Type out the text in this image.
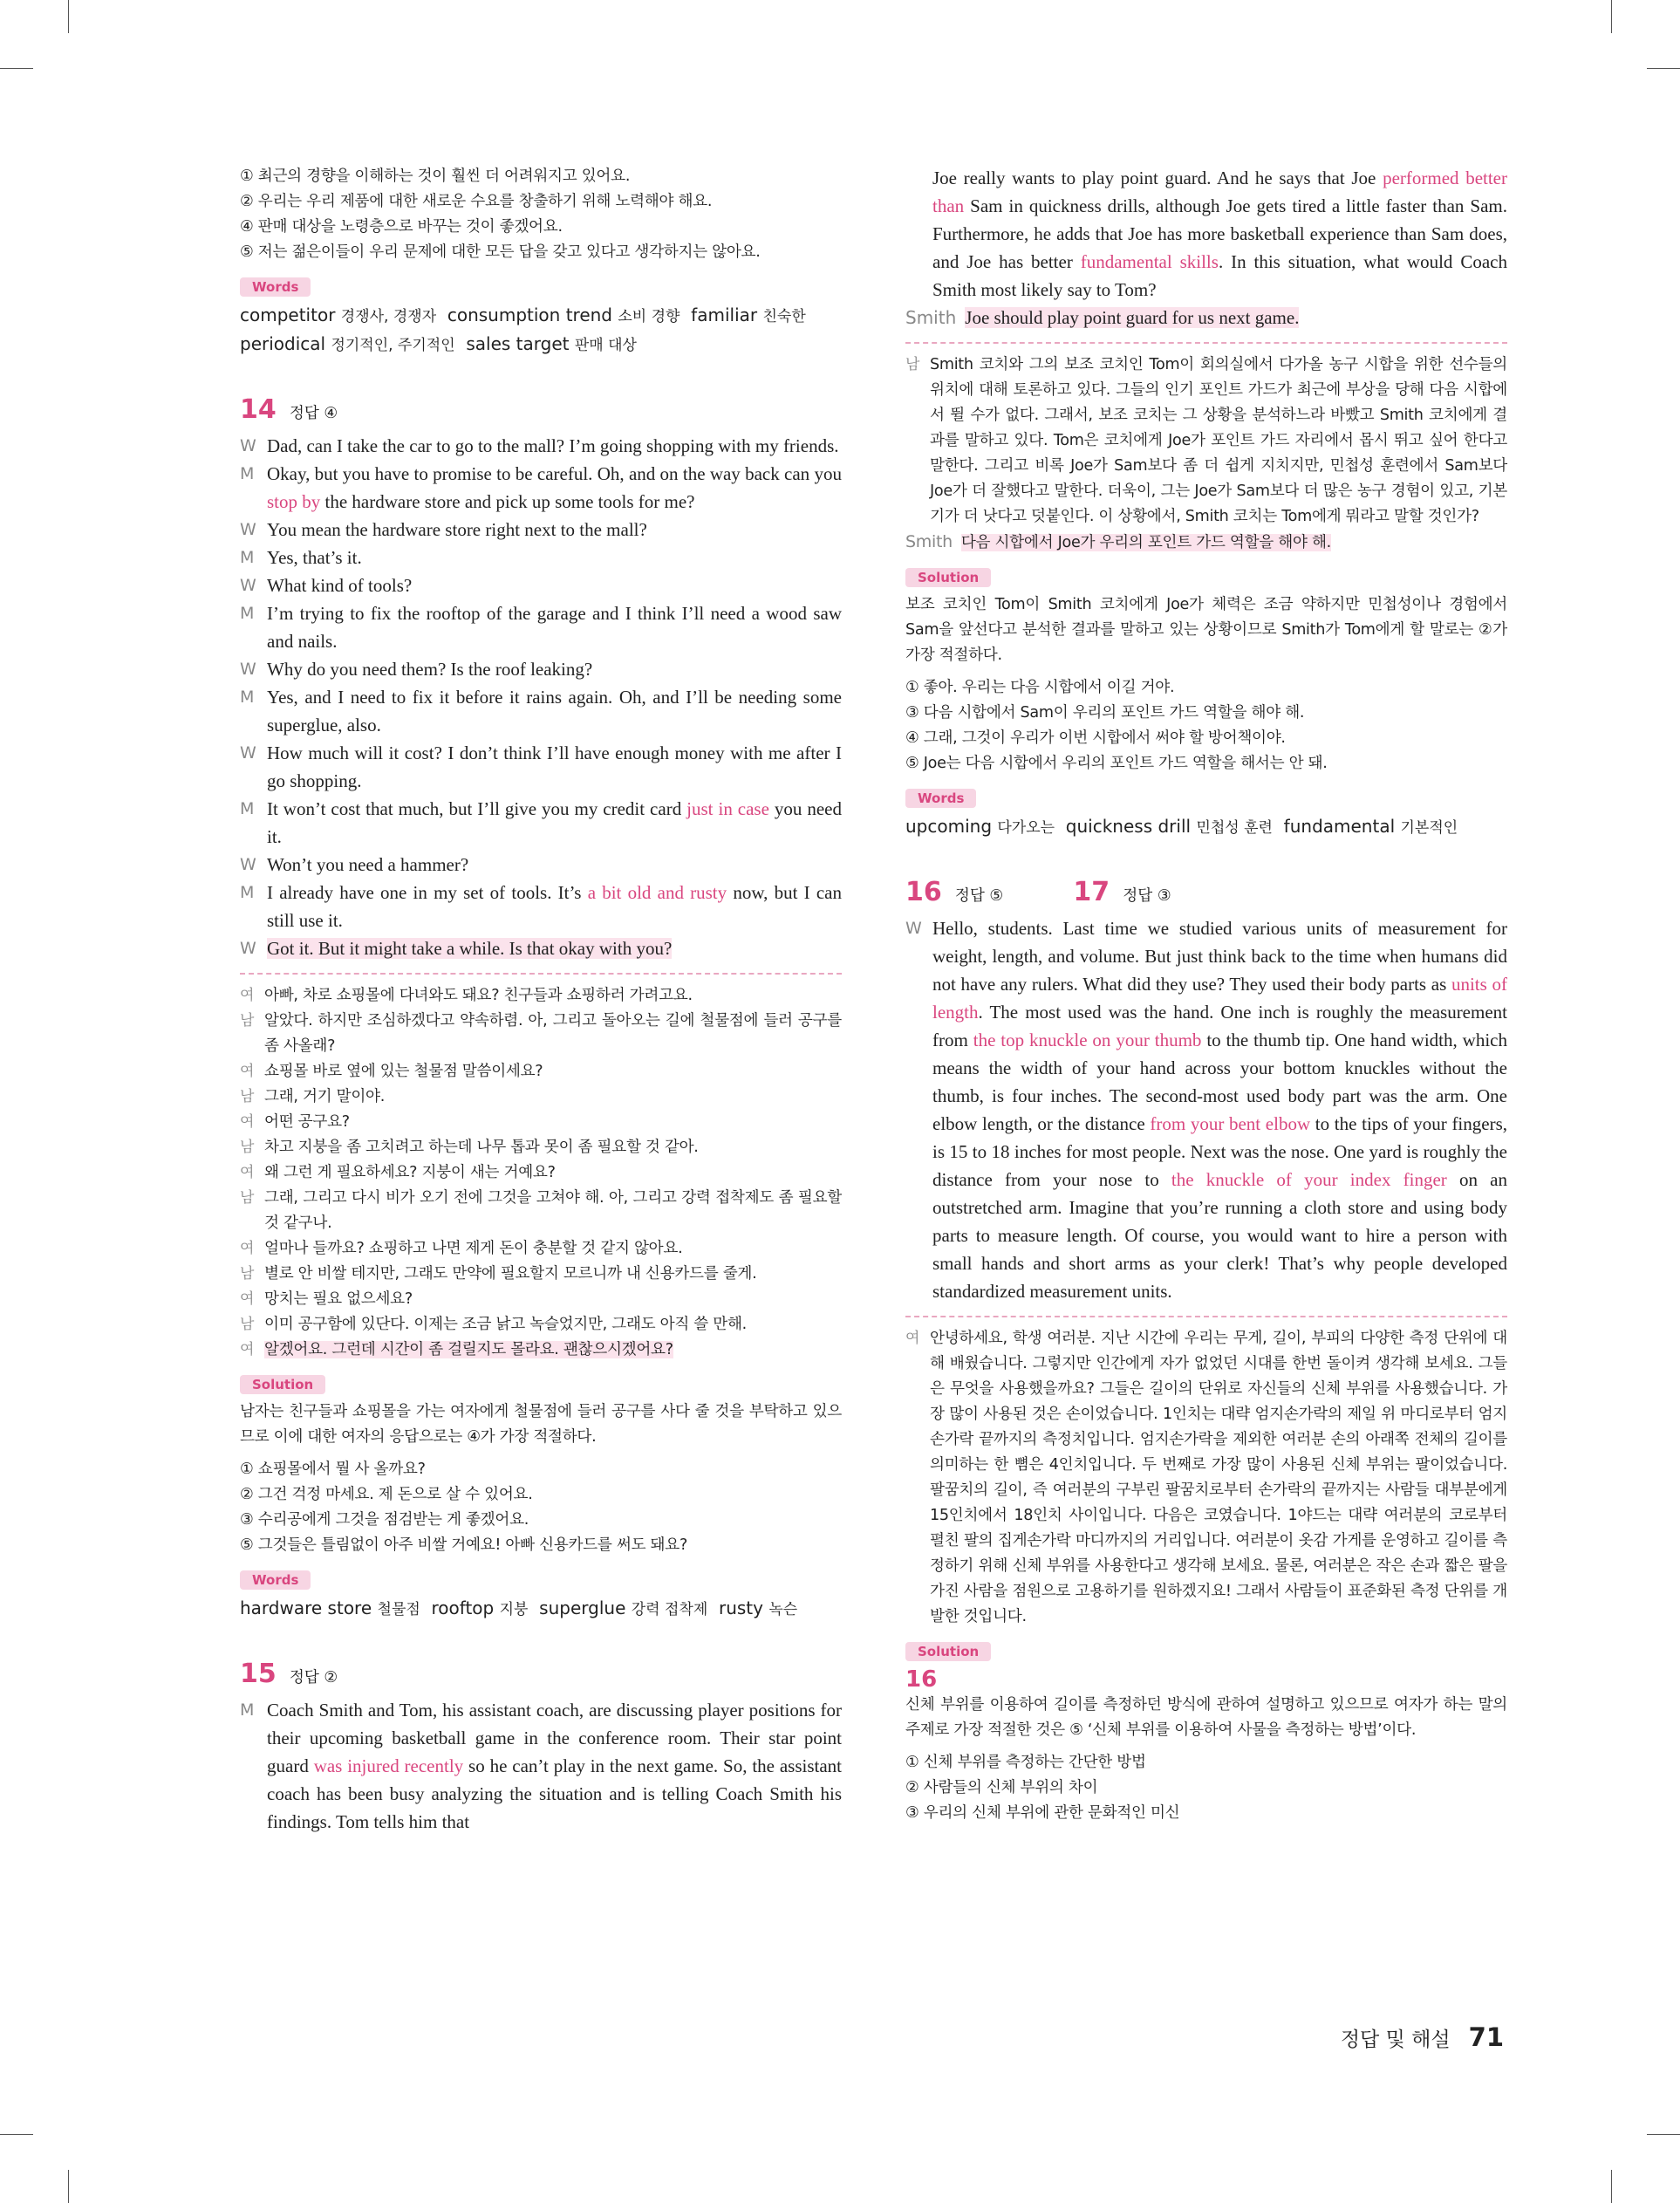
① 최근의 경향을 이해하는 것이 훨씬 더 어려워지고 있어요.
② 우리는 우리 제품에 대한 새로운 수요를 창출하기 위해 노력해야 해요.
④ 판매 대상을 노령층으로 바꾸는 것이 좋겠어요.
⑤ 저는 젊은이들이 우리 문제에 대한 모든 답을 갖고 있다고 생각하지는 않아요.
Words
competitor 경쟁사, 경쟁자 consumption trend 소비 경향 familiar 친숙한
periodical 정기적인, 주기적인 sales target 판매 대상
14 정답 ④
W Dad, can I take the car to go to the mall? I’m going shopping with my friends.
M Okay, but you have to promise to be careful. Oh, and on the way back can you stop by the hardware store and pick up some tools for me?
W You mean the hardware store right next to the mall?
M Yes, that’s it.
W What kind of tools?
M I’m trying to fix the rooftop of the garage and I think I’ll need a wood saw and nails.
W Why do you need them? Is the roof leaking?
M Yes, and I need to fix it before it rains again. Oh, and I’ll be needing some superglue, also.
W How much will it cost? I don’t think I’ll have enough money with me after I go shopping.
M It won’t cost that much, but I’ll give you my credit card just in case you need it.
W Won’t you need a hammer?
M I already have one in my set of tools. It’s a bit old and rusty now, but I can still use it.
W Got it. But it might take a while. Is that okay with you?
여 아빠, 차로 쇼핑몰에 다녀와도 돼요? 친구들과 쇼핑하러 가려고요.
남 알았다. 하지만 조심하겠다고 약속하렴. 아, 그리고 돌아오는 길에 철물점에 들러 공구를 좀 사올래?
여 쇼핑몰 바로 옆에 있는 철물점 말씀이세요?
남 그래, 거기 말이야.
여 어떤 공구요?
남 차고 지붕을 좀 고치려고 하는데 나무 톱과 못이 좀 필요할 것 같아.
여 왜 그런 게 필요하세요? 지붕이 새는 거예요?
남 그래, 그리고 다시 비가 오기 전에 그것을 고쳐야 해. 아, 그리고 강력 접착제도 좀 필요할 것 같구나.
여 얼마나 들까요? 쇼핑하고 나면 제게 돈이 충분할 것 같지 않아요.
남 별로 안 비쌀 테지만, 그래도 만약에 필요할지 모르니까 내 신용카드를 줄게.
여 망치는 필요 없으세요?
남 이미 공구함에 있단다. 이제는 조금 낡고 녹슬었지만, 그래도 아직 쓸 만해.
여 알겠어요. 그런데 시간이 좀 걸릴지도 몰라요. 괜찮으시겠어요?
Solution
남자는 친구들과 쇼핑몰을 가는 여자에게 철물점에 들러 공구를 사다 줄 것을 부탁하고 있으므로 이에 대한 여자의 응답으로는 ④가 가장 적절하다.
① 쇼핑몰에서 뭘 사 올까요?
② 그건 걱정 마세요. 제 돈으로 살 수 있어요.
③ 수리공에게 그것을 점검받는 게 좋겠어요.
⑤ 그것들은 틀림없이 아주 비쌀 거예요! 아빠 신용카드를 써도 돼요?
Words
hardware store 철물점 rooftop 지붕 superglue 강력 접착제 rusty 녹슨
15 정답 ②
M Coach Smith and Tom, his assistant coach, are discussing player positions for their upcoming basketball game in the conference room. Their star point guard was injured recently so he can’t play in the next game. So, the assistant coach has been busy analyzing the situation and is telling Coach Smith his findings. Tom tells him that
Joe really wants to play point guard. And he says that Joe performed better than Sam in quickness drills, although Joe gets tired a little faster than Sam. Furthermore, he adds that Joe has more basketball experience than Sam does, and Joe has better fundamental skills. In this situation, what would Coach Smith most likely say to Tom?
Smith Joe should play point guard for us next game.
남 Smith 코치와 그의 보조 코치인 Tom이 회의실에서 다가올 농구 시합을 위한 선수들의 위치에 대해 토론하고 있다. 그들의 인기 포인트 가드가 최근에 부상을 당해 다음 시합에서 뛸 수가 없다. 그래서, 보조 코치는 그 상황을 분석하느라 바빴고 Smith 코치에게 결과를 말하고 있다. Tom은 코치에게 Joe가 포인트 가드 자리에서 몹시 뛰고 싶어 한다고 말한다. 그리고 비록 Joe가 Sam보다 좀 더 쉽게 지치지만, 민첩성 훈련에서 Sam보다 Joe가 더 잘했다고 말한다. 더욱이, 그는 Joe가 Sam보다 더 많은 농구 경험이 있고, 기본기가 더 낫다고 덧붙인다. 이 상황에서, Smith 코치는 Tom에게 뭐라고 말할 것인가?
Smith 다음 시합에서 Joe가 우리의 포인트 가드 역할을 해야 해.
Solution
보조 코치인 Tom이 Smith 코치에게 Joe가 체력은 조금 약하지만 민첩성이나 경험에서 Sam을 앞선다고 분석한 결과를 말하고 있는 상황이므로 Smith가 Tom에게 할 말로는 ②가 가장 적절하다.
① 좋아. 우리는 다음 시합에서 이길 거야.
③ 다음 시합에서 Sam이 우리의 포인트 가드 역할을 해야 해.
④ 그래, 그것이 우리가 이번 시합에서 써야 할 방어책이야.
⑤ Joe는 다음 시합에서 우리의 포인트 가드 역할을 해서는 안 돼.
Words
upcoming 다가오는 quickness drill 민첩성 훈련 fundamental 기본적인
16 정답 ⑤	17 정답 ③
W Hello, students. Last time we studied various units of measurement for weight, length, and volume. But just think back to the time when humans did not have any rulers. What did they use? They used their body parts as units of length. The most used was the hand. One inch is roughly the measurement from the top knuckle on your thumb to the thumb tip. One hand width, which means the width of your hand across your bottom knuckles without the thumb, is four inches. The second-most used body part was the arm. One elbow length, or the distance from your bent elbow to the tips of your fingers, is 15 to 18 inches for most people. Next was the nose. One yard is roughly the distance from your nose to the knuckle of your index finger on an outstretched arm. Imagine that you’re running a cloth store and using body parts to measure length. Of course, you would want to hire a person with small hands and short arms as your clerk! That’s why people developed standardized measurement units.
여 안녕하세요, 학생 여러분. 지난 시간에 우리는 무게, 길이, 부피의 다양한 측정 단위에 대해 배웠습니다. 그렇지만 인간에게 자가 없었던 시대를 한번 돌이켜 생각해 보세요. 그들은 무엇을 사용했을까요? 그들은 길이의 단위로 자신들의 신체 부위를 사용했습니다. 가장 많이 사용된 것은 손이었습니다. 1인치는 대략 엄지손가락의 제일 위 마디로부터 엄지손가락 끝까지의 측정치입니다. 엄지손가락을 제외한 여러분 손의 아래쪽 전체의 길이를 의미하는 한 뼘은 4인치입니다. 두 번째로 가장 많이 사용된 신체 부위는 팔이었습니다. 팔꿈치의 길이, 즉 여러분의 구부린 팔꿈치로부터 손가락의 끝까지는 사람들 대부분에게 15인치에서 18인치 사이입니다. 다음은 코였습니다. 1야드는 대략 여러분의 코로부터 펼친 팔의 집게손가락 마디까지의 거리입니다. 여러분이 옷감 가게를 운영하고 길이를 측정하기 위해 신체 부위를 사용한다고 생각해 보세요. 물론, 여러분은 작은 손과 짧은 팔을 가진 사람을 점원으로 고용하기를 원하겠지요! 그래서 사람들이 표준화된 측정 단위를 개발한 것입니다.
Solution
16
신체 부위를 이용하여 길이를 측정하던 방식에 관하여 설명하고 있으므로 여자가 하는 말의 주제로 가장 적절한 것은 ⑤ ‘신체 부위를 이용하여 사물을 측정하는 방법’이다.
① 신체 부위를 측정하는 간단한 방법
② 사람들의 신체 부위의 차이
③ 우리의 신체 부위에 관한 문화적인 미신
정답 및 해설 71
